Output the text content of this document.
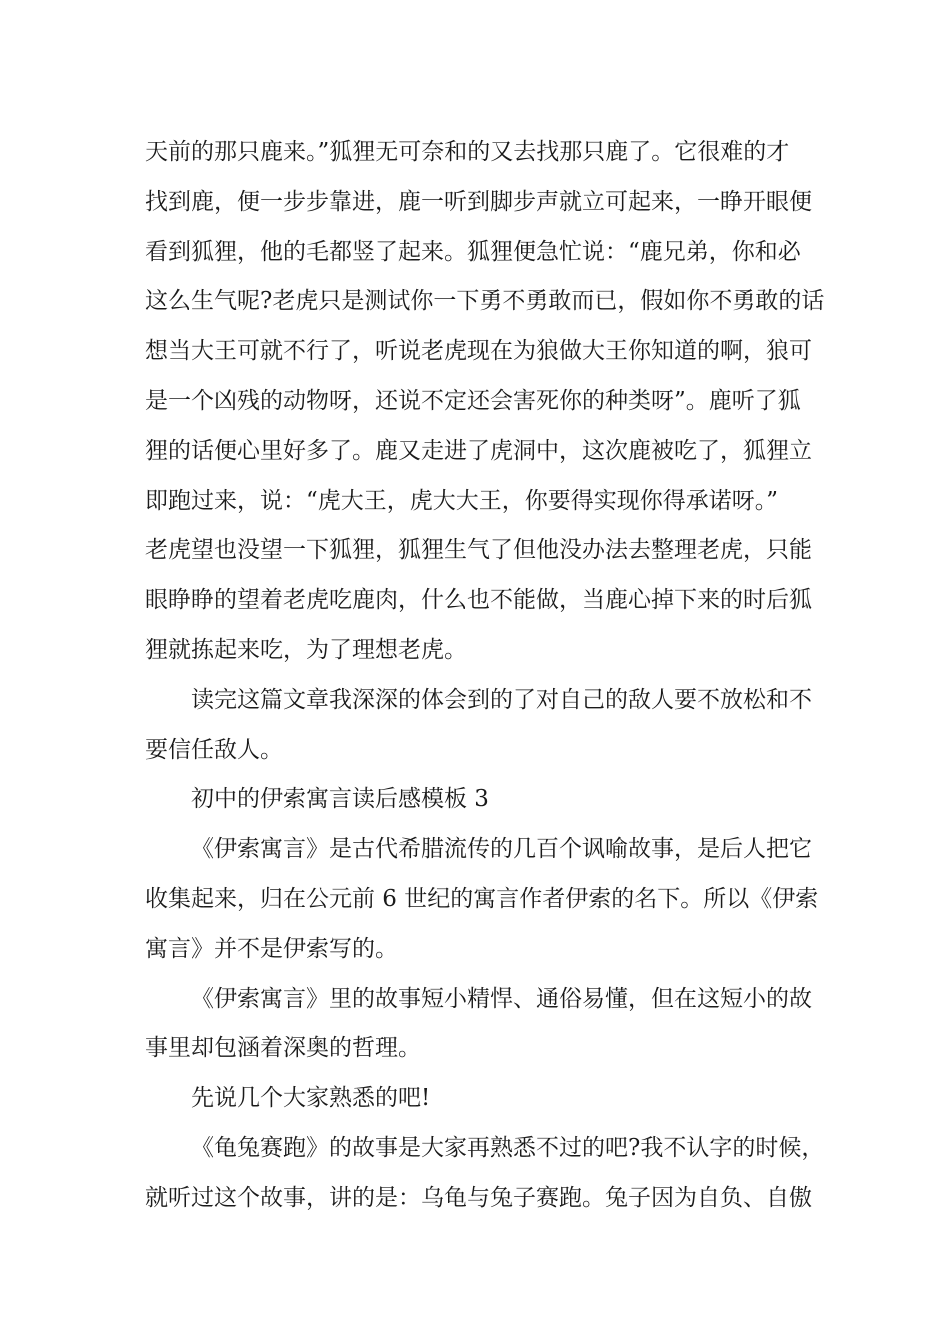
天前的那只鹿来。”狐狸无可奈和的又去找那只鹿了。它很难的才
找到鹿，便一步步靠进，鹿一听到脚步声就立可起来，一睁开眼便
看到狐狸，他的毛都竖了起来。狐狸便急忙说：“鹿兄弟，你和必
这么生气呢?老虎只是测试你一下勇不勇敢而已，假如你不勇敢的话
想当大王可就不行了，听说老虎现在为狼做大王你知道的啊，狼可
是一个凶残的动物呀，还说不定还会害死你的种类呀”。鹿听了狐
狸的话便心里好多了。鹿又走进了虎洞中，这次鹿被吃了，狐狸立
即跑过来，说：“虎大王，虎大大王，你要得实现你得承诺呀。”
老虎望也没望一下狐狸，狐狸生气了但他没办法去整理老虎，只能
眼睁睁的望着老虎吃鹿肉，什么也不能做，当鹿心掉下来的时后狐
狸就拣起来吃，为了理想老虎。
读完这篇文章我深深的体会到的了对自己的敌人要不放松和不
要信任敌人。
初中的伊索寓言读后感模板 3
《伊索寓言》是古代希腊流传的几百个讽喻故事，是后人把它
收集起来，归在公元前 6 世纪的寓言作者伊索的名下。所以《伊索
寓言》并不是伊索写的。
《伊索寓言》里的故事短小精悍、通俗易懂，但在这短小的故
事里却包涵着深奥的哲理。
先说几个大家熟悉的吧!
《龟兔赛跑》的故事是大家再熟悉不过的吧?我不认字的时候，
就听过这个故事，讲的是：乌龟与兔子赛跑。兔子因为自负、自傲
